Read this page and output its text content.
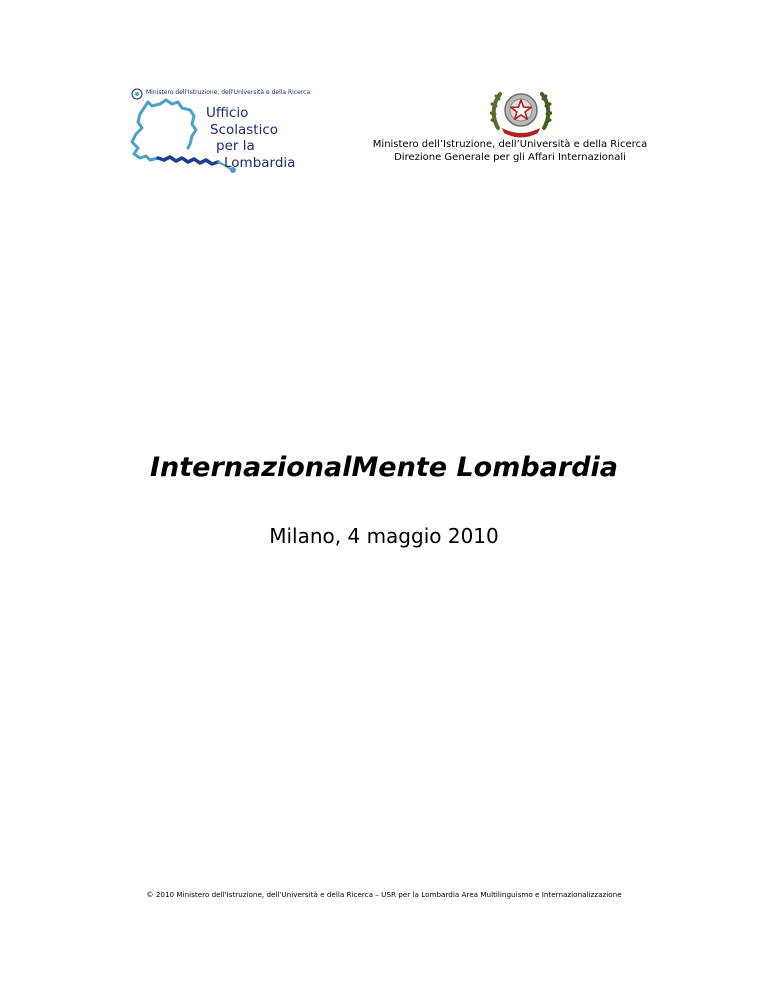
Ministero dell'Istruzione, dell'Università e della Ricerca
Ufficio
Scolastico
per la
Lombardia
Ministero dell’Istruzione, dell’Università e della Ricerca
Direzione Generale per gli Affari Internazionali
InternazionalMente Lombardia
Milano, 4 maggio 2010
© 2010 Ministero dell'Istruzione, dell'Università e della Ricerca – USR per la Lombardia Area Multilinguismo e Internazionalizzazione
